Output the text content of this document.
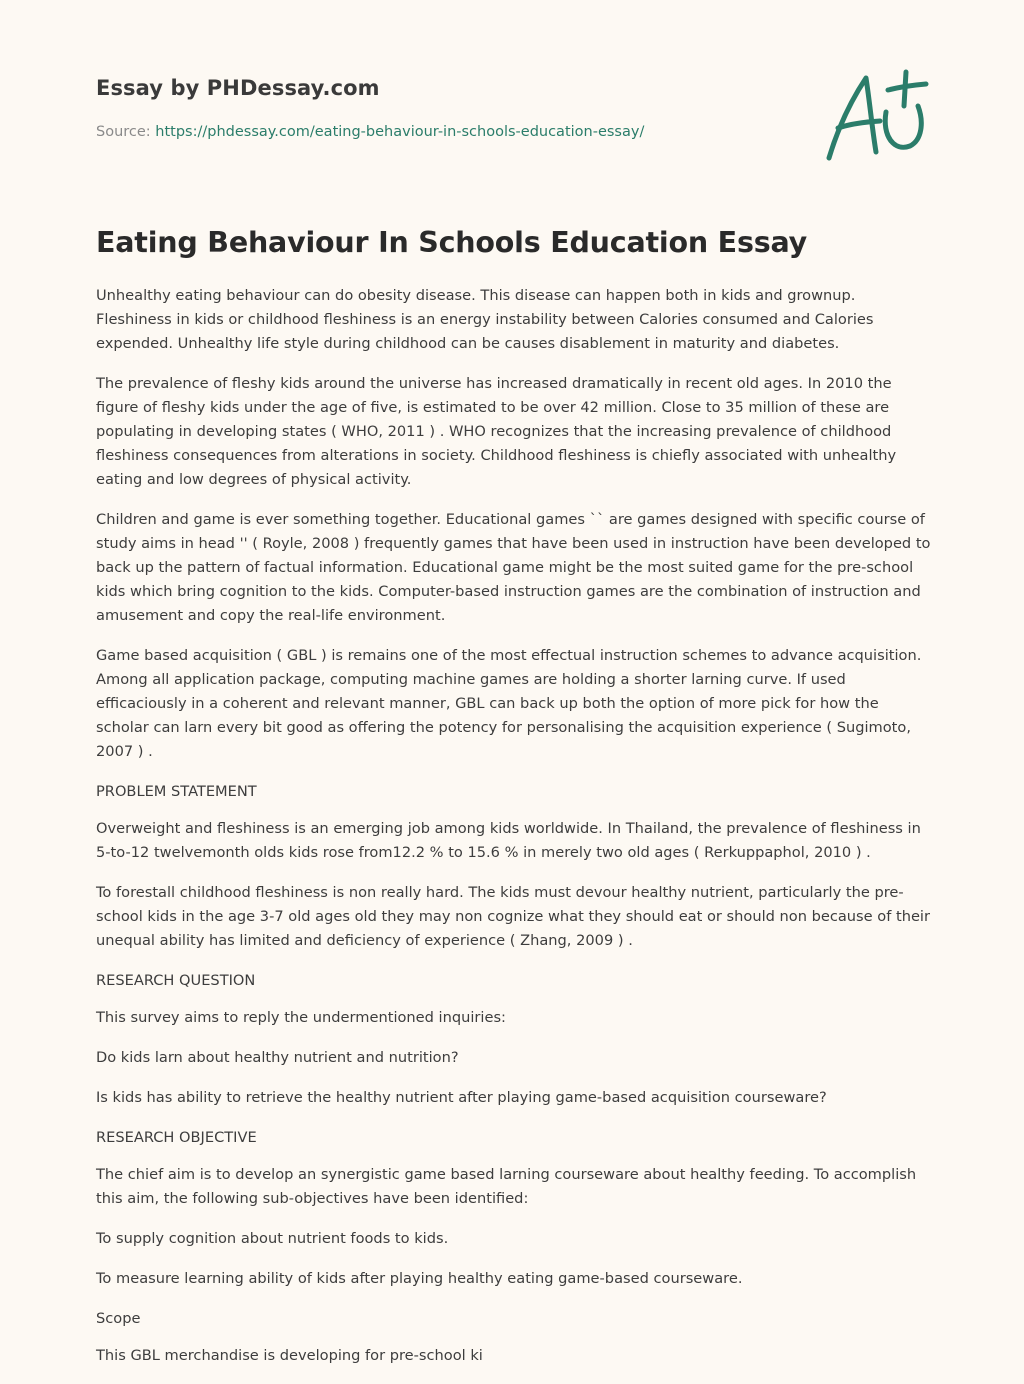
Essay by PHDessay.com
Source: https://phdessay.com/eating-behaviour-in-schools-education-essay/
Eating Behaviour In Schools Education Essay

Unhealthy eating behaviour can do obesity disease. This disease can happen both in kids and grownup. Fleshiness in kids or childhood fleshiness is an energy instability between Calories consumed and Calories expended. Unhealthy life style during childhood can be causes disablement in maturity and diabetes.

The prevalence of fleshy kids around the universe has increased dramatically in recent old ages. In 2010 the figure of fleshy kids under the age of five, is estimated to be over 42 million. Close to 35 million of these are populating in developing states ( WHO, 2011 ) . WHO recognizes that the increasing prevalence of childhood fleshiness consequences from alterations in society. Childhood fleshiness is chiefly associated with unhealthy eating and low degrees of physical activity.

Children and game is ever something together. Educational games `` are games designed with specific course of study aims in head '' ( Royle, 2008 ) frequently games that have been used in instruction have been developed to back up the pattern of factual information. Educational game might be the most suited game for the pre-school kids which bring cognition to the kids. Computer-based instruction games are the combination of instruction and amusement and copy the real-life environment.

Game based acquisition ( GBL ) is remains one of the most effectual instruction schemes to advance acquisition. Among all application package, computing machine games are holding a shorter larning curve. If used efficaciously in a coherent and relevant manner, GBL can back up both the option of more pick for how the scholar can larn every bit good as offering the potency for personalising the acquisition experience ( Sugimoto, 2007 ) .

PROBLEM STATEMENT

Overweight and fleshiness is an emerging job among kids worldwide. In Thailand, the prevalence of fleshiness in 5-to-12 twelvemonth olds kids rose from12.2 % to 15.6 % in merely two old ages ( Rerkuppaphol, 2010 ) .

To forestall childhood fleshiness is non really hard. The kids must devour healthy nutrient, particularly the pre-school kids in the age 3-7 old ages old they may non cognize what they should eat or should non because of their unequal ability has limited and deficiency of experience ( Zhang, 2009 ) .

RESEARCH QUESTION

This survey aims to reply the undermentioned inquiries:

Do kids larn about healthy nutrient and nutrition?

Is kids has ability to retrieve the healthy nutrient after playing game-based acquisition courseware?

RESEARCH OBJECTIVE

The chief aim is to develop an synergistic game based larning courseware about healthy feeding. To accomplish this aim, the following sub-objectives have been identified:

To supply cognition about nutrient foods to kids.

To measure learning ability of kids after playing healthy eating game-based courseware.

Scope

This GBL merchandise is developing for pre-school ki
